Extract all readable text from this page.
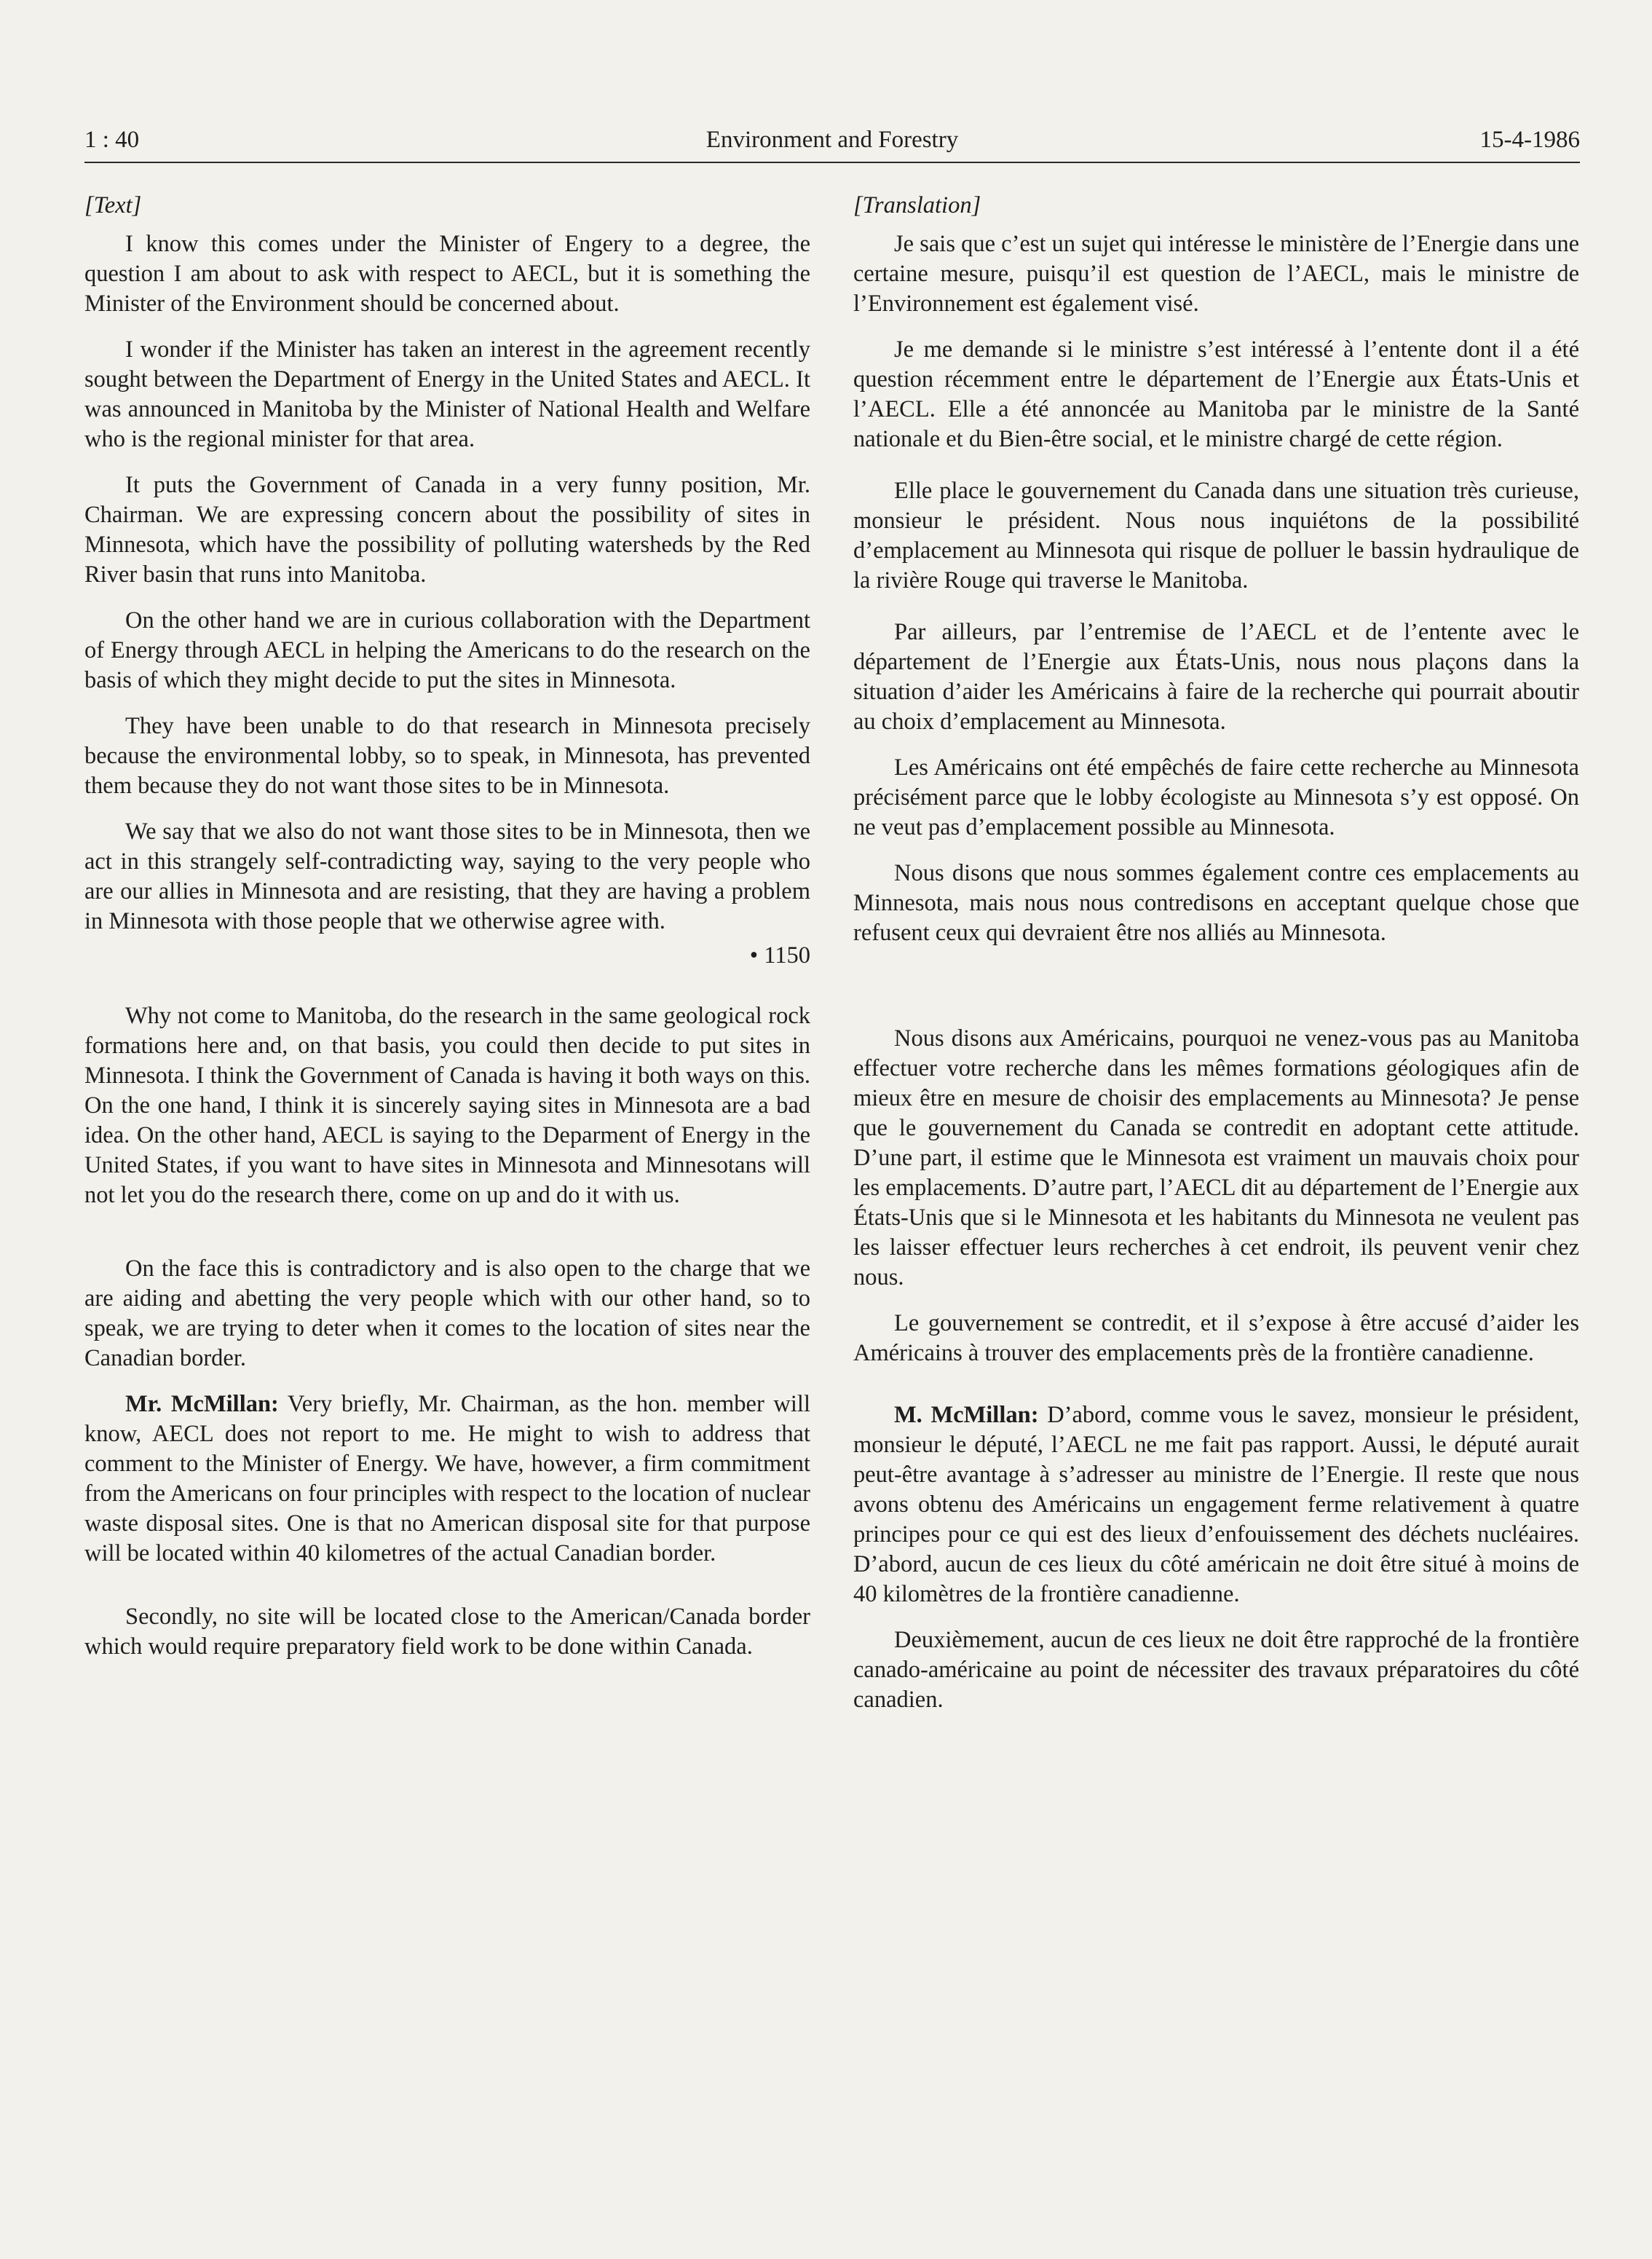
1 : 40	Environment and Forestry	15-4-1986

[Text]

I know this comes under the Minister of Engery to a degree, the question I am about to ask with respect to AECL, but it is something the Minister of the Environment should be concerned about.

I wonder if the Minister has taken an interest in the agreement recently sought between the Department of Energy in the United States and AECL. It was announced in Manitoba by the Minister of National Health and Welfare who is the regional minister for that area.

It puts the Government of Canada in a very funny position, Mr. Chairman. We are expressing concern about the possibility of sites in Minnesota, which have the possibility of polluting watersheds by the Red River basin that runs into Manitoba.

On the other hand we are in curious collaboration with the Department of Energy through AECL in helping the Americans to do the research on the basis of which they might decide to put the sites in Minnesota.

They have been unable to do that research in Minnesota precisely because the environmental lobby, so to speak, in Minnesota, has prevented them because they do not want those sites to be in Minnesota.

We say that we also do not want those sites to be in Minnesota, then we act in this strangely self-contradicting way, saying to the very people who are our allies in Minnesota and are resisting, that they are having a problem in Minnesota with those people that we otherwise agree with.

• 1150

Why not come to Manitoba, do the research in the same geological rock formations here and, on that basis, you could then decide to put sites in Minnesota. I think the Government of Canada is having it both ways on this. On the one hand, I think it is sincerely saying sites in Minnesota are a bad idea. On the other hand, AECL is saying to the Deparment of Energy in the United States, if you want to have sites in Minnesota and Minnesotans will not let you do the research there, come on up and do it with us.

On the face this is contradictory and is also open to the charge that we are aiding and abetting the very people which with our other hand, so to speak, we are trying to deter when it comes to the location of sites near the Canadian border.

Mr. McMillan: Very briefly, Mr. Chairman, as the hon. member will know, AECL does not report to me. He might to wish to address that comment to the Minister of Energy. We have, however, a firm commitment from the Americans on four principles with respect to the location of nuclear waste disposal sites. One is that no American disposal site for that purpose will be located within 40 kilometres of the actual Canadian border.

Secondly, no site will be located close to the American/Canada border which would require preparatory field work to be done within Canada.

[Translation]

Je sais que c’est un sujet qui intéresse le ministère de l’Energie dans une certaine mesure, puisqu’il est question de l’AECL, mais le ministre de l’Environnement est également visé.

Je me demande si le ministre s’est intéressé à l’entente dont il a été question récemment entre le département de l’Energie aux États-Unis et l’AECL. Elle a été annoncée au Manitoba par le ministre de la Santé nationale et du Bien-être social, et le ministre chargé de cette région.

Elle place le gouvernement du Canada dans une situation très curieuse, monsieur le président. Nous nous inquiétons de la possibilité d’emplacement au Minnesota qui risque de polluer le bassin hydraulique de la rivière Rouge qui traverse le Manitoba.

Par ailleurs, par l’entremise de l’AECL et de l’entente avec le département de l’Energie aux États-Unis, nous nous plaçons dans la situation d’aider les Américains à faire de la recherche qui pourrait aboutir au choix d’emplacement au Minnesota.

Les Américains ont été empêchés de faire cette recherche au Minnesota précisément parce que le lobby écologiste au Minnesota s’y est opposé. On ne veut pas d’emplacement possible au Minnesota.

Nous disons que nous sommes également contre ces emplacements au Minnesota, mais nous nous contredisons en acceptant quelque chose que refusent ceux qui devraient être nos alliés au Minnesota.

Nous disons aux Américains, pourquoi ne venez-vous pas au Manitoba effectuer votre recherche dans les mêmes formations géologiques afin de mieux être en mesure de choisir des emplacements au Minnesota? Je pense que le gouvernement du Canada se contredit en adoptant cette attitude. D’une part, il estime que le Minnesota est vraiment un mauvais choix pour les emplacements. D’autre part, l’AECL dit au département de l’Energie aux États-Unis que si le Minnesota et les habitants du Minnesota ne veulent pas les laisser effectuer leurs recherches à cet endroit, ils peuvent venir chez nous.

Le gouvernement se contredit, et il s’expose à être accusé d’aider les Américains à trouver des emplacements près de la frontière canadienne.

M. McMillan: D’abord, comme vous le savez, monsieur le président, monsieur le député, l’AECL ne me fait pas rapport. Aussi, le député aurait peut-être avantage à s’adresser au ministre de l’Energie. Il reste que nous avons obtenu des Américains un engagement ferme relativement à quatre principes pour ce qui est des lieux d’enfouissement des déchets nucléaires. D’abord, aucun de ces lieux du côté américain ne doit être situé à moins de 40 kilomètres de la frontière canadienne.

Deuxièmement, aucun de ces lieux ne doit être rapproché de la frontière canado-américaine au point de nécessiter des travaux préparatoires du côté canadien.
